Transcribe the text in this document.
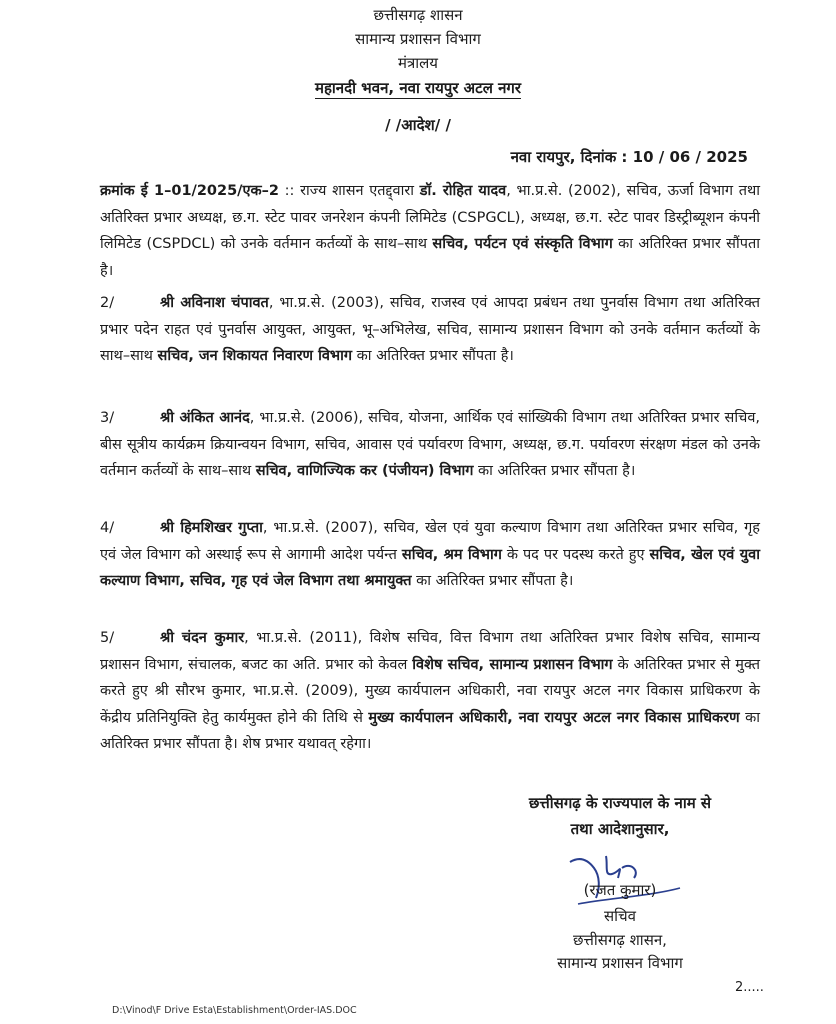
छत्तीसगढ़ शासन
सामान्य प्रशासन विभाग
मंत्रालय
महानदी भवन, नवा रायपुर अटल नगर
/ /आदेश/ /
नवा रायपुर, दिनांक : 10 / 06 / 2025
क्रमांक ई 1–01/2025/एक–2 :: राज्य शासन एतद्द्वारा डॉ. रोहित यादव, भा.प्र.से. (2002), सचिव, ऊर्जा विभाग तथा अतिरिक्त प्रभार अध्यक्ष, छ.ग. स्टेट पावर जनरेशन कंपनी लिमिटेड (CSPGCL), अध्यक्ष, छ.ग. स्टेट पावर डिस्ट्रीब्यूशन कंपनी लिमिटेड (CSPDCL) को उनके वर्तमान कर्तव्यों के साथ–साथ सचिव, पर्यटन एवं संस्कृति विभाग का अतिरिक्त प्रभार सौंपता है।
2/	श्री अविनाश चंपावत, भा.प्र.से. (2003), सचिव, राजस्व एवं आपदा प्रबंधन तथा पुनर्वास विभाग तथा अतिरिक्त प्रभार पदेन राहत एवं पुनर्वास आयुक्त, आयुक्त, भू–अभिलेख, सचिव, सामान्य प्रशासन विभाग को उनके वर्तमान कर्तव्यों के साथ–साथ सचिव, जन शिकायत निवारण विभाग का अतिरिक्त प्रभार सौंपता है।
3/	श्री अंकित आनंद, भा.प्र.से. (2006), सचिव, योजना, आर्थिक एवं सांख्यिकी विभाग तथा अतिरिक्त प्रभार सचिव, बीस सूत्रीय कार्यक्रम क्रियान्वयन विभाग, सचिव, आवास एवं पर्यावरण विभाग, अध्यक्ष, छ.ग. पर्यावरण संरक्षण मंडल को उनके वर्तमान कर्तव्यों के साथ–साथ सचिव, वाणिज्यिक कर (पंजीयन) विभाग का अतिरिक्त प्रभार सौंपता है।
4/	श्री हिमशिखर गुप्ता, भा.प्र.से. (2007), सचिव, खेल एवं युवा कल्याण विभाग तथा अतिरिक्त प्रभार सचिव, गृह एवं जेल विभाग को अस्थाई रूप से आगामी आदेश पर्यन्त सचिव, श्रम विभाग के पद पर पदस्थ करते हुए सचिव, खेल एवं युवा कल्याण विभाग, सचिव, गृह एवं जेल विभाग तथा श्रमायुक्त का अतिरिक्त प्रभार सौंपता है।
5/	श्री चंदन कुमार, भा.प्र.से. (2011), विशेष सचिव, वित्त विभाग तथा अतिरिक्त प्रभार विशेष सचिव, सामान्य प्रशासन विभाग, संचालक, बजट का अति. प्रभार को केवल विशेष सचिव, सामान्य प्रशासन विभाग के अतिरिक्त प्रभार से मुक्त करते हुए श्री सौरभ कुमार, भा.प्र.से. (2009), मुख्य कार्यपालन अधिकारी, नवा रायपुर अटल नगर विकास प्राधिकरण के केंद्रीय प्रतिनियुक्ति हेतु कार्यमुक्त होने की तिथि से मुख्य कार्यपालन अधिकारी, नवा रायपुर अटल नगर विकास प्राधिकरण का अतिरिक्त प्रभार सौंपता है। शेष प्रभार यथावत् रहेगा।
छत्तीसगढ़ के राज्यपाल के नाम से
तथा आदेशानुसार,
(रजत कुमार)
सचिव
छत्तीसगढ़ शासन,
सामान्य प्रशासन विभाग
2.....
D:\Vinod\F Drive Esta\Establishment\Order-IAS.DOC
